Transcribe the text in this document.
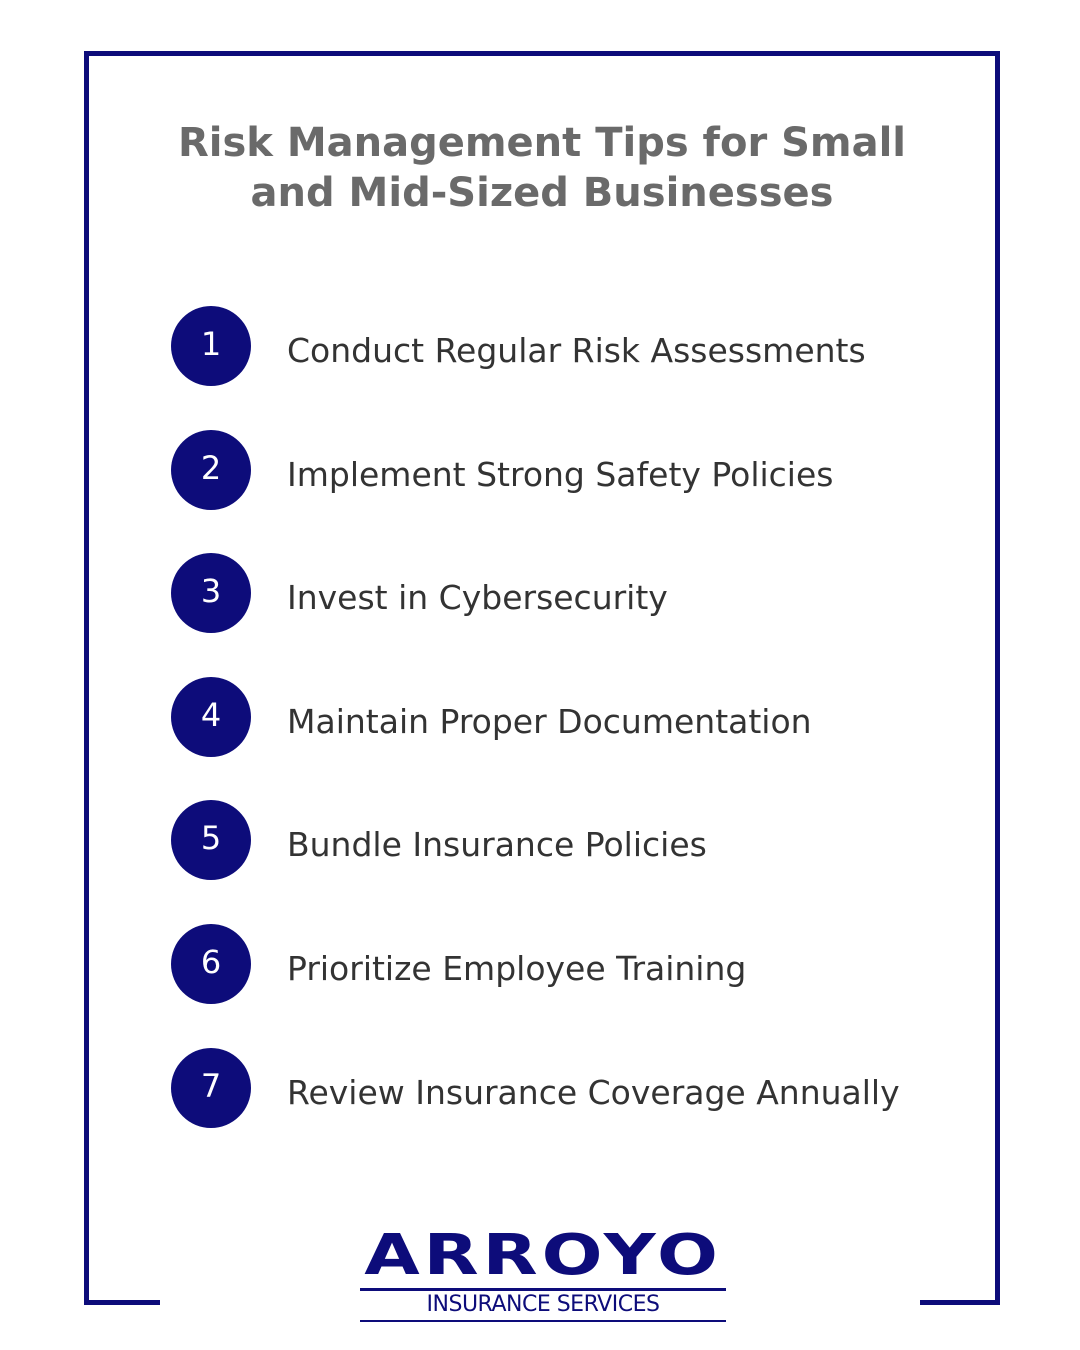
Risk Management Tips for Small and Mid-Sized Businesses
1	Conduct Regular Risk Assessments
2	Implement Strong Safety Policies
3	Invest in Cybersecurity
4	Maintain Proper Documentation
5	Bundle Insurance Policies
6	Prioritize Employee Training
7	Review Insurance Coverage Annually
ARROYO
INSURANCE SERVICES
